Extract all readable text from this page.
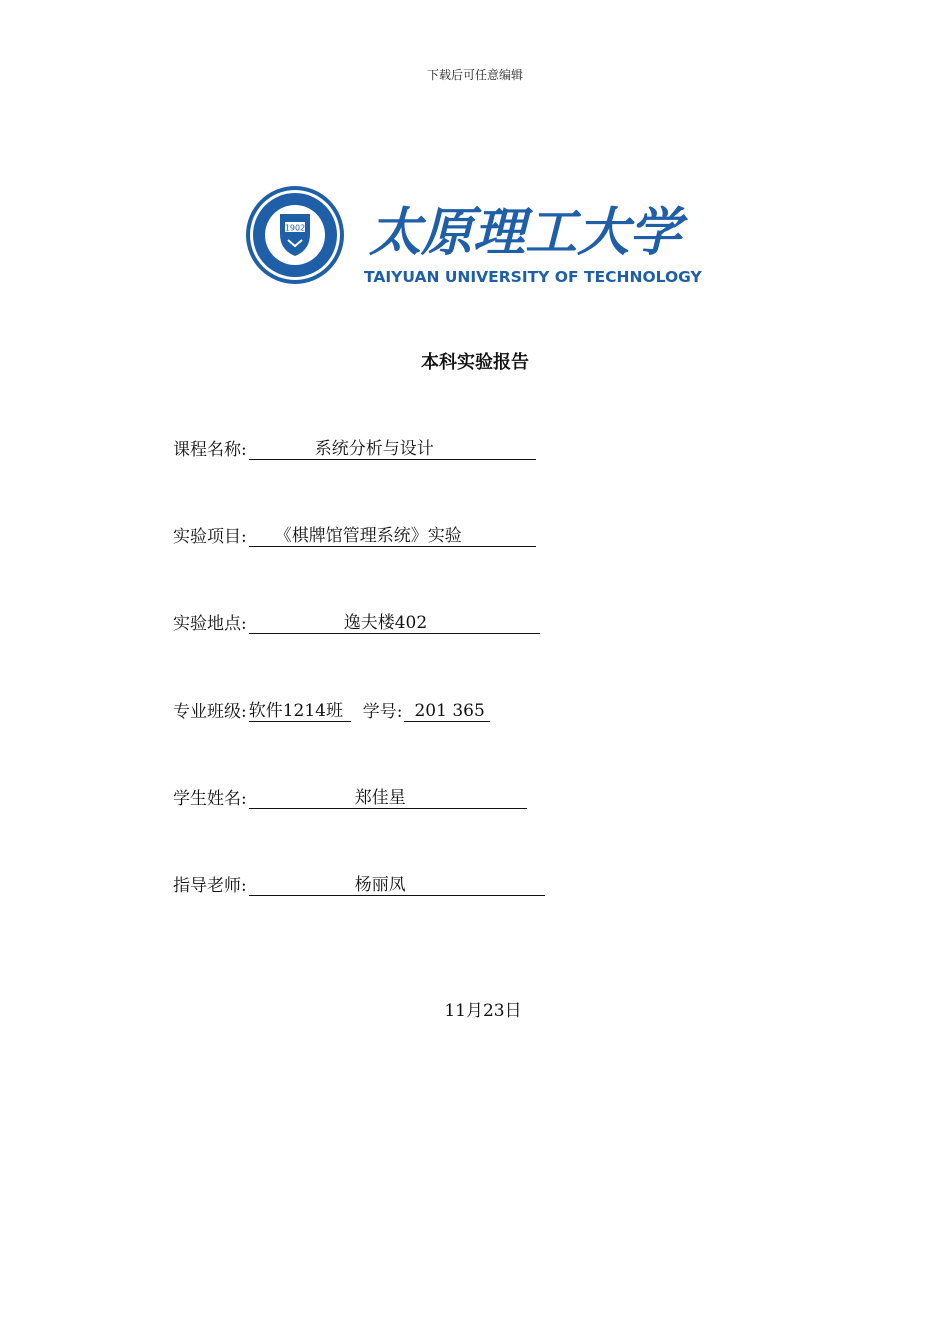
下载后可任意编辑
1902 太原理工大学
TAIYUAN UNIVERSITY OF TECHNOLOGY
本科实验报告
课程名称:	系统分析与设计
实验项目:	《棋牌馆管理系统》实验
实验地点:	逸夫楼402
专业班级: 软件1214班	学号: 201 365
学生姓名:	郑佳星
指导老师:	杨丽凤
11月23日
